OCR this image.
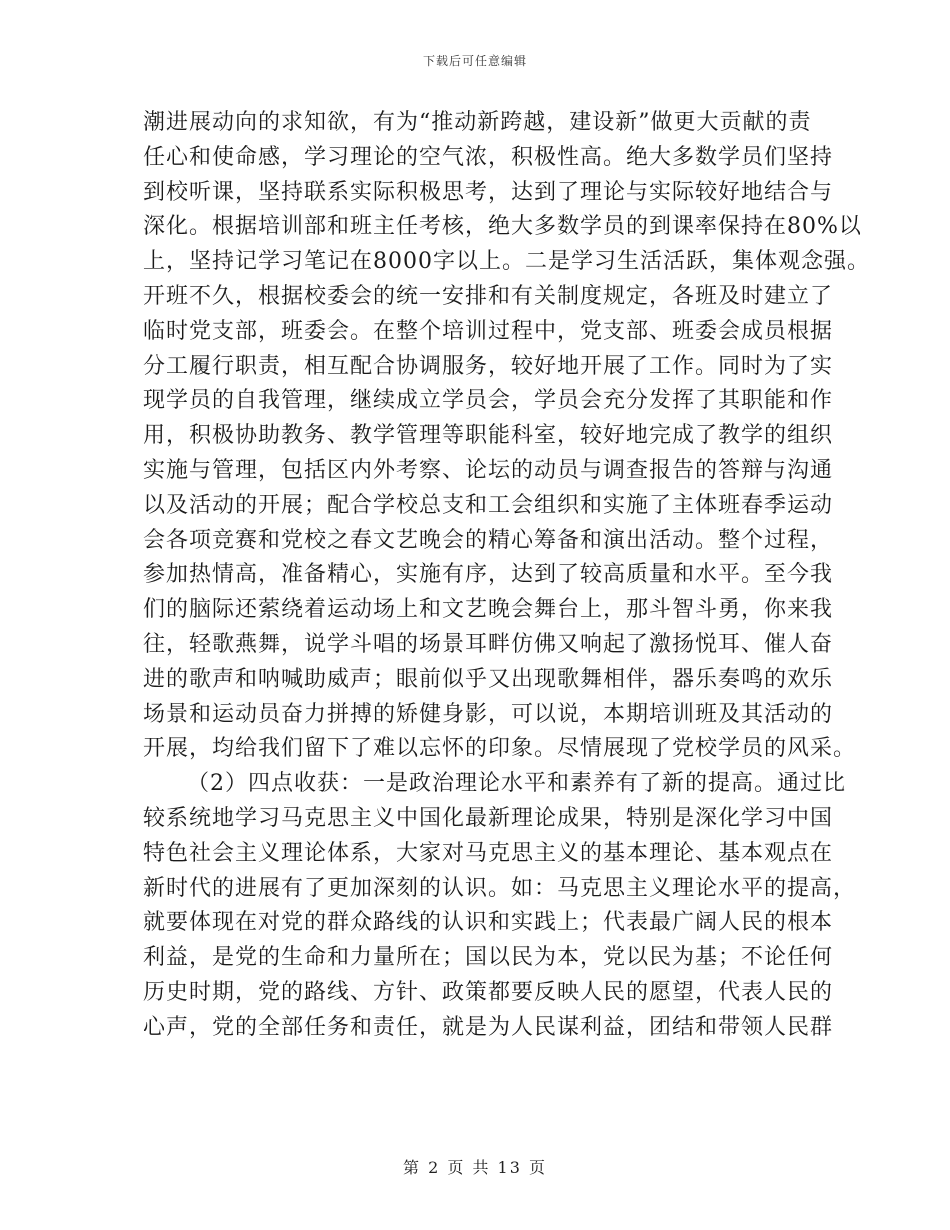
下载后可任意编辑
潮进展动向的求知欲，有为“推动新跨越，建设新”做更大贡献的责
任心和使命感，学习理论的空气浓，积极性高。绝大多数学员们坚持
到校听课，坚持联系实际积极思考，达到了理论与实际较好地结合与
深化。根据培训部和班主任考核，绝大多数学员的到课率保持在80%以
上，坚持记学习笔记在8000字以上。二是学习生活活跃，集体观念强。
开班不久，根据校委会的统一安排和有关制度规定，各班及时建立了
临时党支部，班委会。在整个培训过程中，党支部、班委会成员根据
分工履行职责，相互配合协调服务，较好地开展了工作。同时为了实
现学员的自我管理，继续成立学员会，学员会充分发挥了其职能和作
用，积极协助教务、教学管理等职能科室，较好地完成了教学的组织
实施与管理，包括区内外考察、论坛的动员与调查报告的答辩与沟通
以及活动的开展；配合学校总支和工会组织和实施了主体班春季运动
会各项竞赛和党校之春文艺晚会的精心筹备和演出活动。整个过程，
参加热情高，准备精心，实施有序，达到了较高质量和水平。至今我
们的脑际还萦绕着运动场上和文艺晚会舞台上，那斗智斗勇，你来我
往，轻歌燕舞，说学斗唱的场景耳畔仿佛又响起了激扬悦耳、催人奋
进的歌声和呐喊助威声；眼前似乎又出现歌舞相伴，器乐奏鸣的欢乐
场景和运动员奋力拼搏的矫健身影，可以说，本期培训班及其活动的
开展，均给我们留下了难以忘怀的印象。尽情展现了党校学员的风采。
（2）四点收获：一是政治理论水平和素养有了新的提高。通过比
较系统地学习马克思主义中国化最新理论成果，特别是深化学习中国
特色社会主义理论体系，大家对马克思主义的基本理论、基本观点在
新时代的进展有了更加深刻的认识。如：马克思主义理论水平的提高，
就要体现在对党的群众路线的认识和实践上；代表最广阔人民的根本
利益，是党的生命和力量所在；国以民为本，党以民为基；不论任何
历史时期，党的路线、方针、政策都要反映人民的愿望，代表人民的
心声，党的全部任务和责任，就是为人民谋利益，团结和带领人民群
第 2 页 共 13 页
